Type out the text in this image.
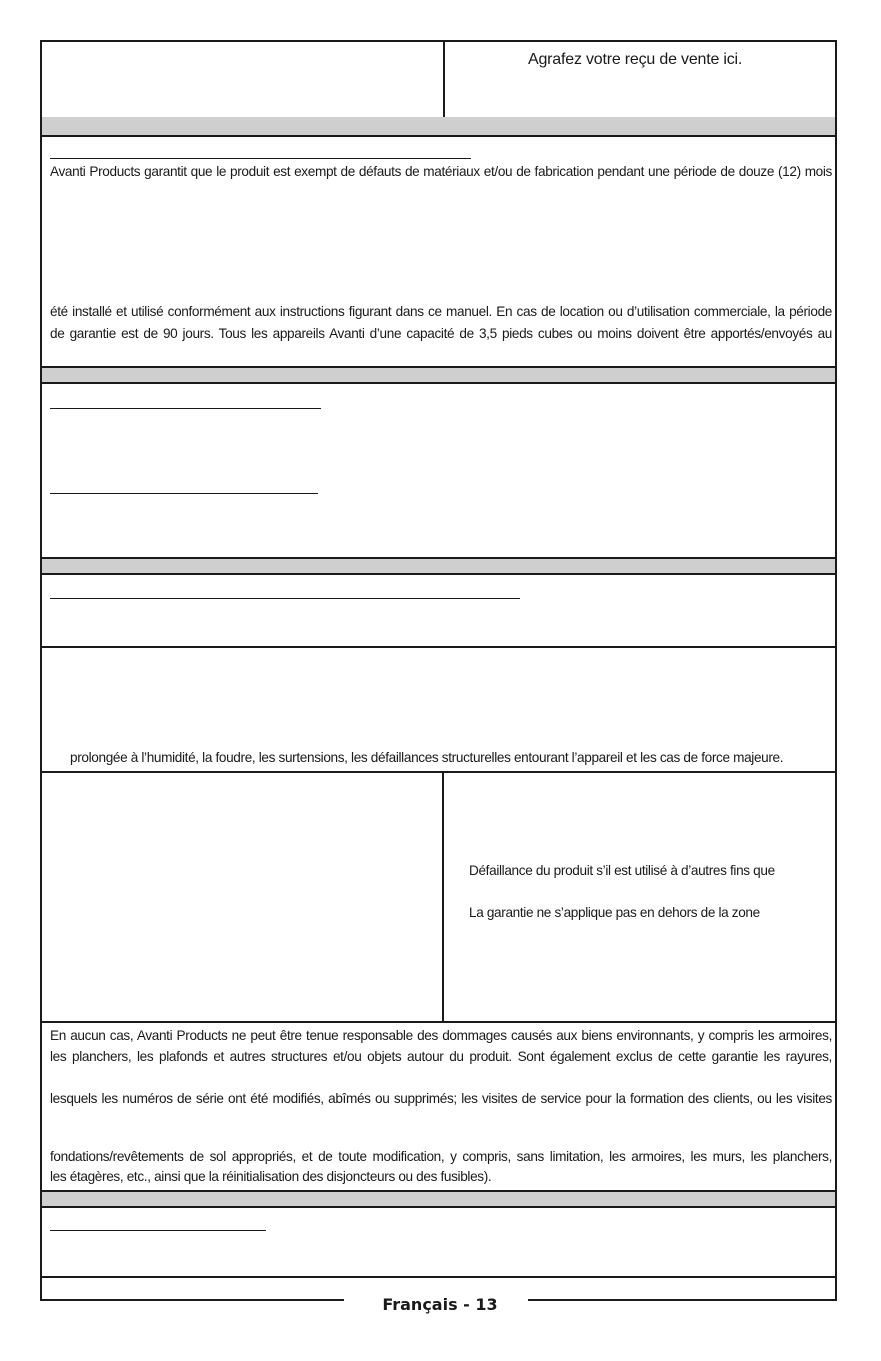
Agrafez votre reçu de vente ici.
Avanti Products garantit que le produit est exempt de défauts de matériaux et/ou de fabrication pendant une période de douze (12) mois
été installé et utilisé conformément aux instructions figurant dans ce manuel. En cas de location ou d’utilisation commerciale, la période
de garantie est de 90 jours. Tous les appareils Avanti d’une capacité de 3,5 pieds cubes ou moins doivent être apportés/envoyés au
prolongée à l’humidité, la foudre, les surtensions, les défaillances structurelles entourant l’appareil et les cas de force majeure.
Défaillance du produit s’il est utilisé à d’autres fins que
La garantie ne s’applique pas en dehors de la zone
En aucun cas, Avanti Products ne peut être tenue responsable des dommages causés aux biens environnants, y compris les armoires,
les planchers, les plafonds et autres structures et/ou objets autour du produit. Sont également exclus de cette garantie les rayures,
lesquels les numéros de série ont été modifiés, abîmés ou supprimés; les visites de service pour la formation des clients, ou les visites
fondations/revêtements de sol appropriés, et de toute modification, y compris, sans limitation, les armoires, les murs, les planchers,
les étagères, etc., ainsi que la réinitialisation des disjoncteurs ou des fusibles).
Français - 13
